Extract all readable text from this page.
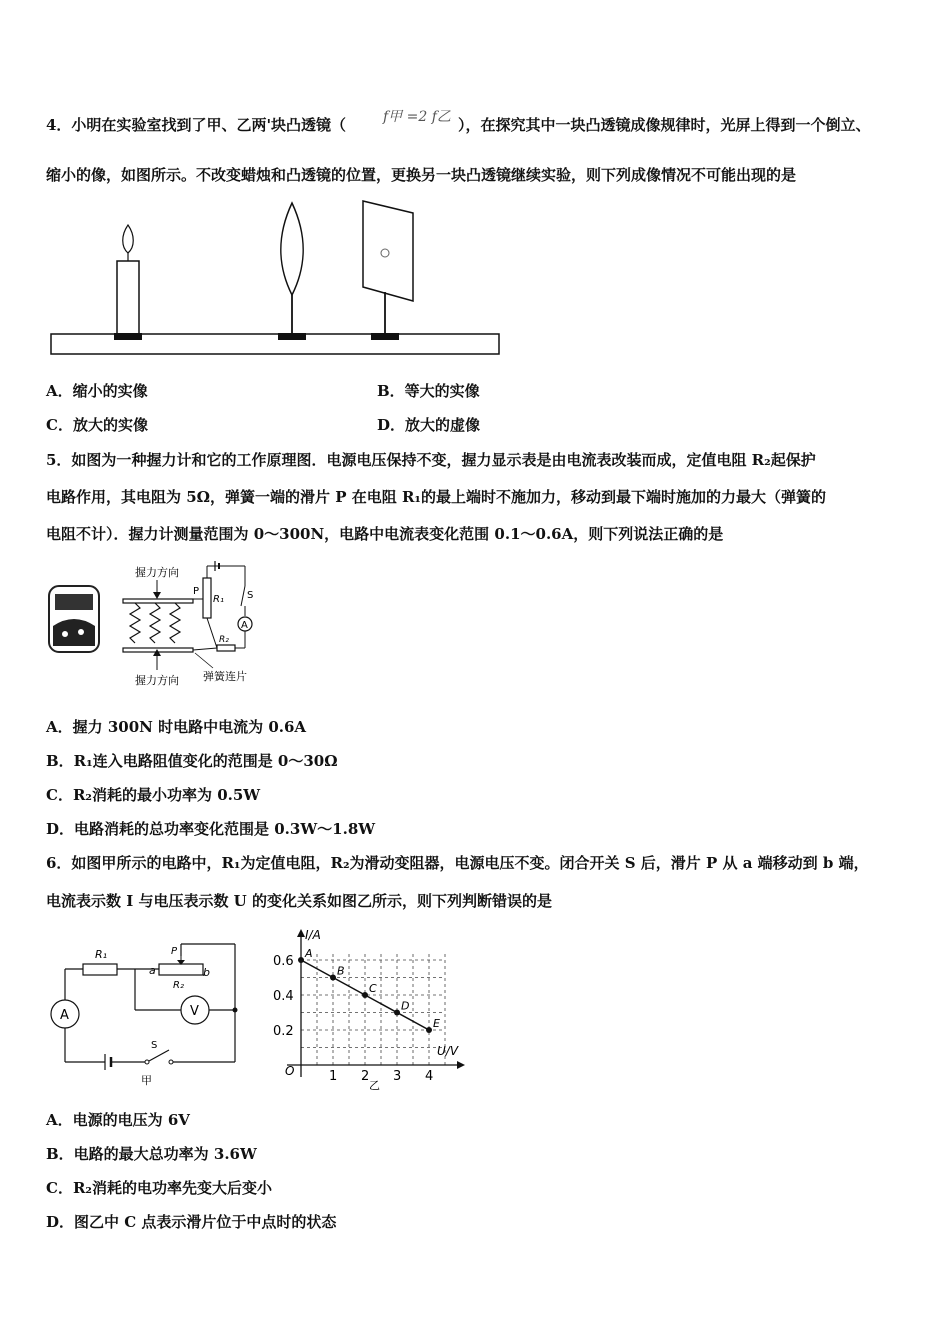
4．小明在实验室找到了甲、乙两'块凸透镜（	f甲 =2 f乙 ），在探究其中一块凸透镜成像规律时，光屏上得到一个倒立、
缩小的像，如图所示。不改变蜡烛和凸透镜的位置，更换另一块凸透镜继续实验，则下列成像情况不可能出现的是
A．缩小的实像	B．等大的实像
C．放大的实像	D．放大的虚像
5．如图为一种握力计和它的工作原理图．电源电压保持不变，握力显示表是由电流表改装而成，定值电阻 R₂起保护
电路作用，其电阻为 5Ω，弹簧一端的滑片 P 在电阻 R₁的最上端时不施加力，移动到最下端时施加的力最大（弹簧的
电阻不计）．握力计测量范围为 0～300N，电路中电流表变化范围 0.1～0.6A，则下列说法正确的是
握力方向
握力方向
P
R₁ S
A
R₂
弹簧连片
A．握力 300N 时电路中电流为 0.6A
B．R₁连入电路阻值变化的范围是 0～30Ω
C．R₂消耗的最小功率为 0.5W
D．电路消耗的总功率变化范围是 0.3W～1.8W
6．如图甲所示的电路中，R₁为定值电阻，R₂为滑动变阻器，电源电压不变。闭合开关 S 后，滑片 P 从 a 端移动到 b 端，
电流表示数 I 与电压表示数 U 的变化关系如图乙所示，则下列判断错误的是
R₁
a	b
R₂
P
V
A
S
甲
I/A
U/V
O
乙
1 2 3 4
0.2
0.4
0.6
A
B
C
D
E
A．电源的电压为 6V
B．电路的最大总功率为 3.6W
C．R₂消耗的电功率先变大后变小
D．图乙中 C 点表示滑片位于中点时的状态
